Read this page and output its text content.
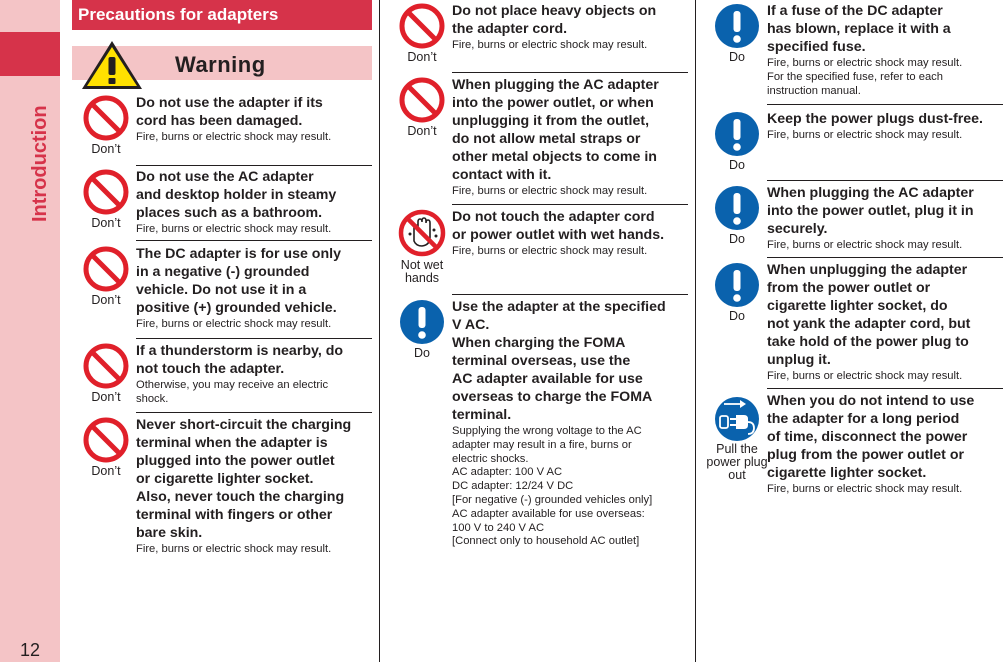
Introduction
12
Precautions for adapters
Warning
Don’t
Do not use the adapter if its
cord has been damaged.
Fire, burns or electric shock may result.
Don’t
Do not use the AC adapter
and desktop holder in steamy
places such as a bathroom.
Fire, burns or electric shock may result.
Don’t
The DC adapter is for use only
in a negative (-) grounded
vehicle. Do not use it in a
positive (+) grounded vehicle.
Fire, burns or electric shock may result.
Don’t
If a thunderstorm is nearby, do
not touch the adapter.
Otherwise, you may receive an electric
shock.
Don’t
Never short-circuit the charging
terminal when the adapter is
plugged into the power outlet
or cigarette lighter socket.
Also, never touch the charging
terminal with fingers or other
bare skin.
Fire, burns or electric shock may result.
Don’t
Do not place heavy objects on
the adapter cord.
Fire, burns or electric shock may result.
Don’t
When plugging the AC adapter
into the power outlet, or when
unplugging it from the outlet,
do not allow metal straps or
other metal objects to come in
contact with it.
Fire, burns or electric shock may result.
Not wet
hands
Do not touch the adapter cord
or power outlet with wet hands.
Fire, burns or electric shock may result.
Do
Use the adapter at the specified
V AC.
When charging the FOMA
terminal overseas, use the
AC adapter available for use
overseas to charge the FOMA
terminal.
Supplying the wrong voltage to the AC
adapter may result in a fire, burns or
electric shocks.
AC adapter: 100 V AC
DC adapter: 12/24 V DC
[For negative (-) grounded vehicles only]
AC adapter available for use overseas:
100 V to 240 V AC
[Connect only to household AC outlet]
Do
If a fuse of the DC adapter
has blown, replace it with a
specified fuse.
Fire, burns or electric shock may result.
For the specified fuse, refer to each
instruction manual.
Do
Keep the power plugs dust-free.
Fire, burns or electric shock may result.
Do
When plugging the AC adapter
into the power outlet, plug it in
securely.
Fire, burns or electric shock may result.
Do
When unplugging the adapter
from the power outlet or
cigarette lighter socket, do
not yank the adapter cord, but
take hold of the power plug to
unplug it.
Fire, burns or electric shock may result.
Pull the
power plug
out
When you do not intend to use
the adapter for a long period
of time, disconnect the power
plug from the power outlet or
cigarette lighter socket.
Fire, burns or electric shock may result.
